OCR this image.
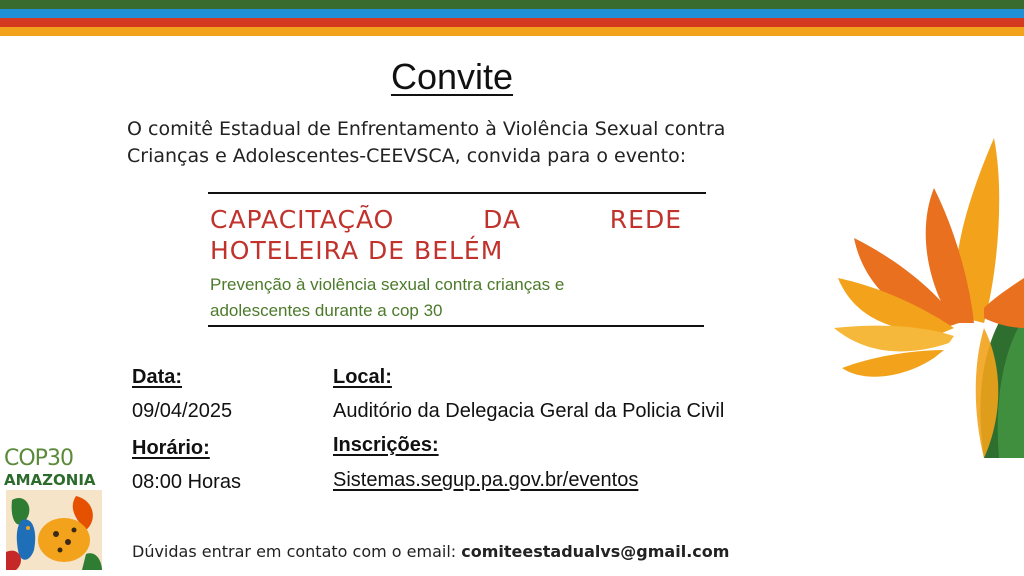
Convite
O comitê Estadual de Enfrentamento à Violência Sexual contra
Crianças e Adolescentes-CEEVSCA, convida para o evento:
CAPACITAÇÃO	DA	REDE
HOTELEIRA DE BELÉM
Prevenção à violência sexual contra crianças e
adolescentes durante a cop 30
Data:
09/04/2025
Horário:
08:00 Horas
Local:
Auditório da Delegacia Geral da Policia Civil
Inscrições:
Sistemas.segup.pa.gov.br/eventos
Dúvidas entrar em contato com o email: comiteestadualvs@gmail.com
COP30
AMAZONIA
